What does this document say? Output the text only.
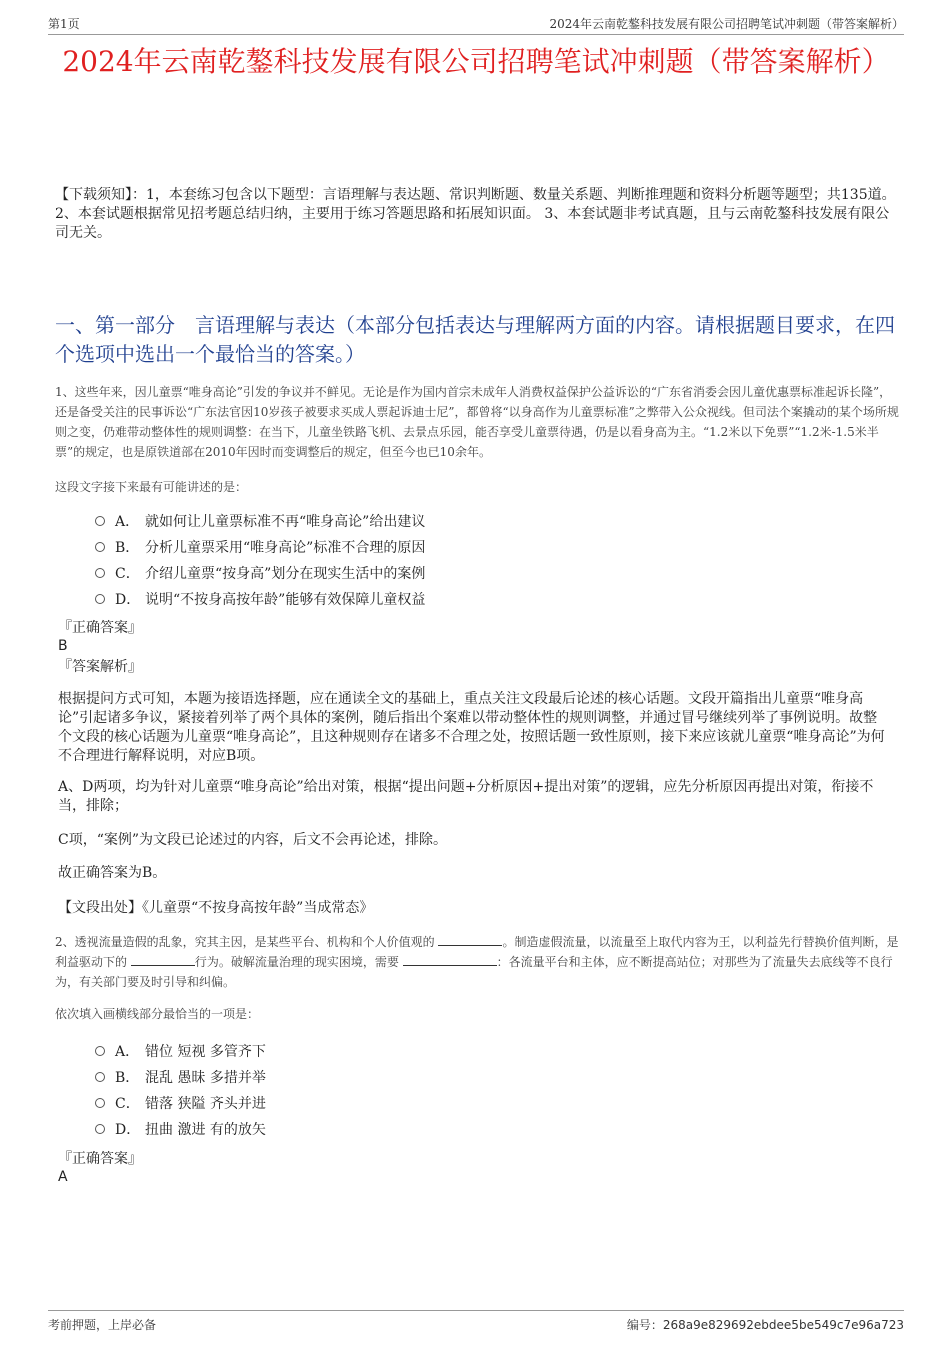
第1页	2024年云南乾鏊科技发展有限公司招聘笔试冲刺题（带答案解析）
2024年云南乾鏊科技发展有限公司招聘笔试冲刺题（带答案解析）
【下载须知】：1，本套练习包含以下题型：言语理解与表达题、常识判断题、数量关系题、判断推理题和资料分析题等题型；共135道。 2、本套试题根据常见招考题总结归纳，主要用于练习答题思路和拓展知识面。 3、本套试题非考试真题，且与云南乾鏊科技发展有限公司无关。
一、第一部分　言语理解与表达（本部分包括表达与理解两方面的内容。请根据题目要求，在四个选项中选出一个最恰当的答案。）
1、这些年来，因儿童票“唯身高论”引发的争议并不鲜见。无论是作为国内首宗未成年人消费权益保护公益诉讼的“广东省消委会因儿童优惠票标准起诉长隆”，还是备受关注的民事诉讼“广东法官因10岁孩子被要求买成人票起诉迪士尼”，都曾将“以身高作为儿童票标准”之弊带入公众视线。但司法个案撬动的某个场所规则之变，仍难带动整体性的规则调整：在当下，儿童坐铁路飞机、去景点乐园，能否享受儿童票待遇，仍是以看身高为主。“1.2米以下免票”“1.2米-1.5米半票”的规定，也是原铁道部在2010年因时而变调整后的规定，但至今也已10余年。
这段文字接下来最有可能讲述的是：
A． 就如何让儿童票标准不再“唯身高论”给出建议
B． 分析儿童票采用“唯身高论”标准不合理的原因
C． 介绍儿童票“按身高”划分在现实生活中的案例
D． 说明“不按身高按年龄”能够有效保障儿童权益
『正确答案』
B
『答案解析』
根据提问方式可知，本题为接语选择题，应在通读全文的基础上，重点关注文段最后论述的核心话题。文段开篇指出儿童票“唯身高论”引起诸多争议，紧接着列举了两个具体的案例，随后指出个案难以带动整体性的规则调整，并通过冒号继续列举了事例说明。故整个文段的核心话题为儿童票“唯身高论”，且这种规则存在诸多不合理之处，按照话题一致性原则，接下来应该就儿童票“唯身高论”为何不合理进行解释说明，对应B项。
A、D两项，均为针对儿童票“唯身高论”给出对策，根据“提出问题+分析原因+提出对策”的逻辑，应先分析原因再提出对策，衔接不当，排除；
C项，“案例”为文段已论述过的内容，后文不会再论述，排除。
故正确答案为B。
【文段出处】《儿童票“不按身高按年龄”当成常态》
2、透视流量造假的乱象，究其主因，是某些平台、机构和个人价值观的	。制造虚假流量，以流量至上取代内容为王，以利益先行替换价值判断，是利益驱动下的	行为。破解流量治理的现实困境，需要	：各流量平台和主体，应不断提高站位；对那些为了流量失去底线等不良行为，有关部门要及时引导和纠偏。
依次填入画横线部分最恰当的一项是：
A． 错位 短视 多管齐下
B． 混乱 愚昧 多措并举
C． 错落 狭隘 齐头并进
D． 扭曲 激进 有的放矢
『正确答案』
A
考前押题，上岸必备	编号：268a9e829692ebdee5be549c7e96a723
